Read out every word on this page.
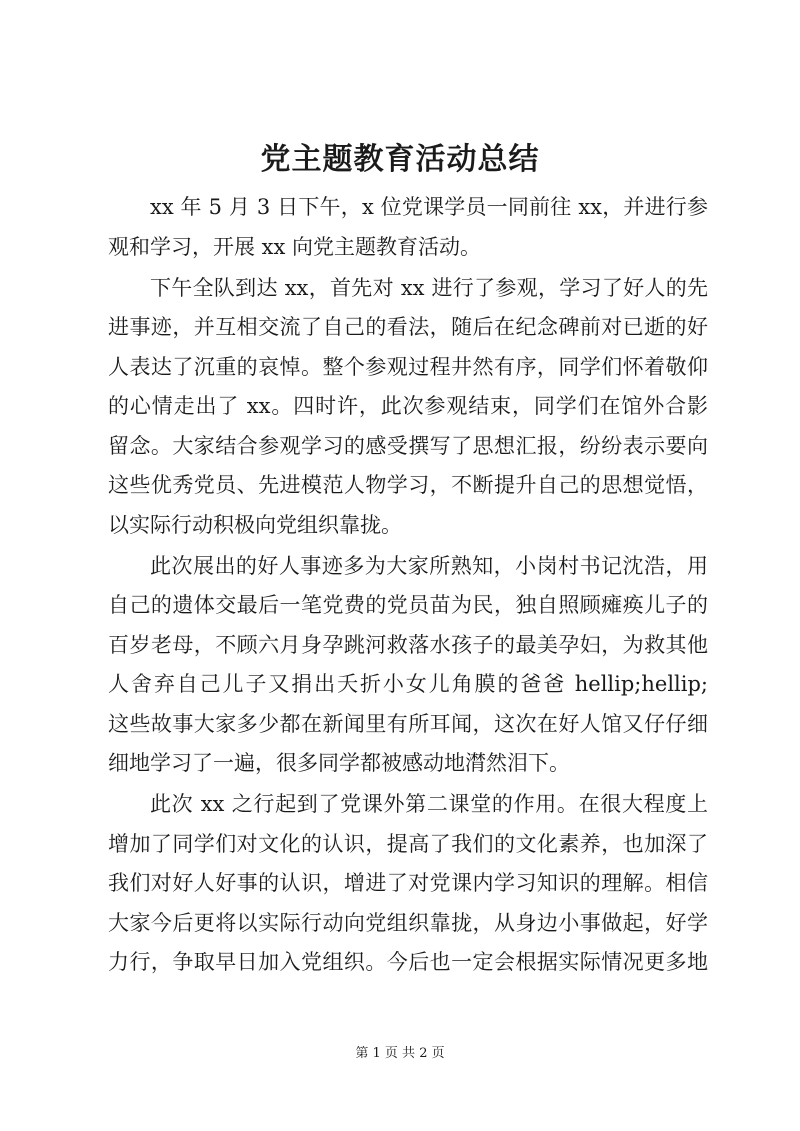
党主题教育活动总结
xx 年 5 月 3 日下午，x 位党课学员一同前往 xx，并进行参
观和学习，开展 xx 向党主题教育活动。
下午全队到达 xx，首先对 xx 进行了参观，学习了好人的先
进事迹，并互相交流了自己的看法，随后在纪念碑前对已逝的好
人表达了沉重的哀悼。整个参观过程井然有序，同学们怀着敬仰
的心情走出了 xx。四时许，此次参观结束，同学们在馆外合影
留念。大家结合参观学习的感受撰写了思想汇报，纷纷表示要向
这些优秀党员、先进模范人物学习，不断提升自己的思想觉悟，
以实际行动积极向党组织靠拢。
此次展出的好人事迹多为大家所熟知，小岗村书记沈浩，用
自己的遗体交最后一笔党费的党员苗为民，独自照顾瘫痪儿子的
百岁老母，不顾六月身孕跳河救落水孩子的最美孕妇，为救其他
人舍弃自己儿子又捐出夭折小女儿角膜的爸爸 hellip;hellip;
这些故事大家多少都在新闻里有所耳闻，这次在好人馆又仔仔细
细地学习了一遍，很多同学都被感动地潸然泪下。
此次 xx 之行起到了党课外第二课堂的作用。在很大程度上
增加了同学们对文化的认识，提高了我们的文化素养，也加深了
我们对好人好事的认识，增进了对党课内学习知识的理解。相信
大家今后更将以实际行动向党组织靠拢，从身边小事做起，好学
力行，争取早日加入党组织。今后也一定会根据实际情况更多地
第 1 页 共 2 页
